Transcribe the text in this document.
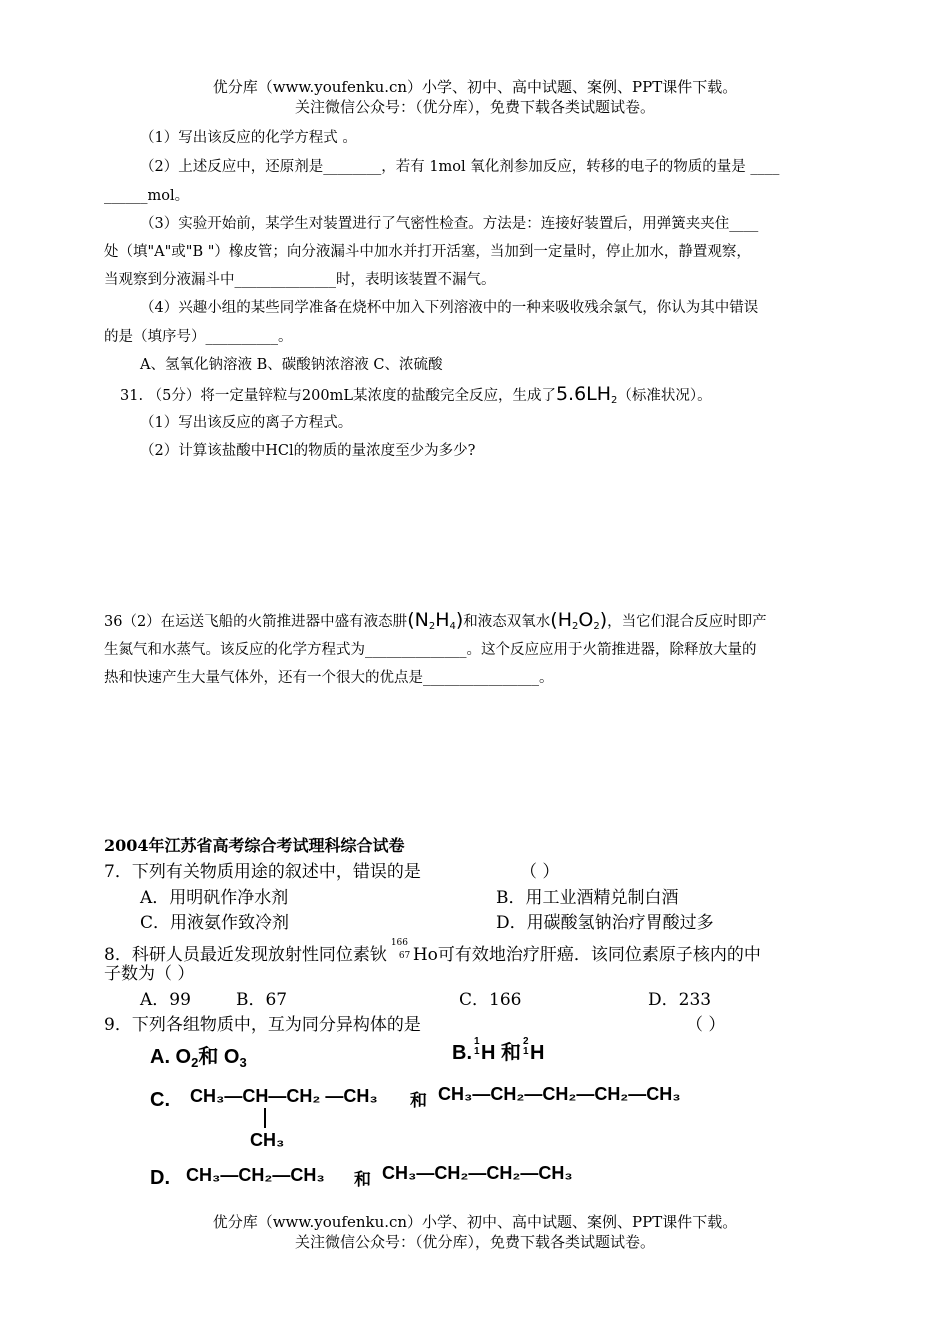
优分库（www.youfenku.cn）小学、初中、高中试题、案例、PPT课件下载。
关注微信公众号：（优分库），免费下载各类试题试卷。
（1）写出该反应的化学方程式 。
（2）上述反应中，还原剂是________，若有 1mol 氧化剂参加反应，转移的电子的物质的量是 ____
______mol。
（3）实验开始前，某学生对装置进行了气密性检查。方法是：连接好装置后，用弹簧夹夹住____
处（填"A"或"B "）橡皮管；向分液漏斗中加水并打开活塞，当加到一定量时，停止加水，静置观察，
当观察到分液漏斗中______________时，表明该装置不漏气。
（4）兴趣小组的某些同学准备在烧杯中加入下列溶液中的一种来吸收残余氯气，你认为其中错误
的是（填序号）__________。
A、氢氧化钠溶液 B、碳酸钠浓溶液 C、浓硫酸
31. （5分）将一定量锌粒与200mL某浓度的盐酸完全反应，生成了$5.6LH_2$（标准状况）。
（1）写出该反应的离子方程式。
（2）计算该盐酸中HCl的物质的量浓度至少为多少?
36（2）在运送飞船的火箭推进器中盛有液态肼$(N_2H_4)$和液态双氧水$(H_2O_2)$，当它们混合反应时即产
生氮气和水蒸气。该反应的化学方程式为______________。这个反应应用于火箭推进器，除释放大量的
热和快速产生大量气体外，还有一个很大的优点是________________。
2004年江苏省高考综合考试理科综合试卷
7．下列有关物质用途的叙述中，错误的是	（ ）
A．用明矾作净水剂	B．用工业酒精兑制白酒
C．用液氨作致冷剂	D．用碳酸氢钠治疗胃酸过多
8．科研人员最近发现放射性同位素钬
166
67 Ho可有效地治疗肝癌．该同位素原子核内的中
子数为（ ）
A．99	B．67	C．166	D．233
9．下列各组物质中，互为同分异构体的是	（ ）
A. $O_2$和 $O_3$	B.
1
1 H 和
2
1 H
C. CH₃—CH—CH₂ —CH₃ 和 CH₃—CH₂—CH₂—CH₂—CH₃
CH₃
D. CH₃—CH₂—CH₃ 和 CH₃—CH₂—CH₂—CH₃
优分库（www.youfenku.cn）小学、初中、高中试题、案例、PPT课件下载。
关注微信公众号：（优分库），免费下载各类试题试卷。
